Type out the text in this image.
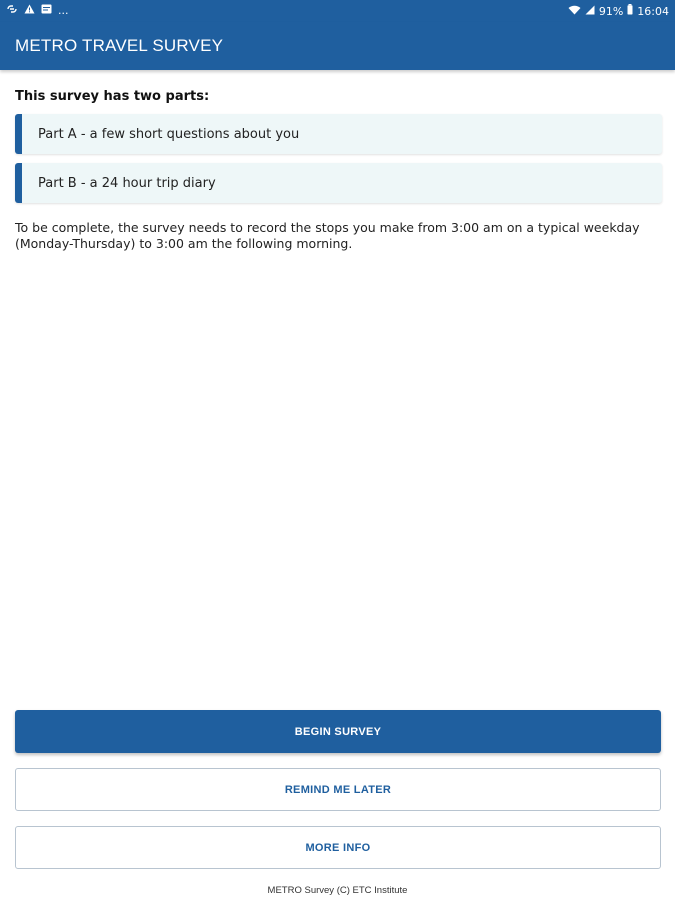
...	91% 16:04
METRO TRAVEL SURVEY
This survey has two parts:
Part A - a few short questions about you
Part B - a 24 hour trip diary

To be complete, the survey needs to record the stops you make from 3:00 am on a typical weekday (Monday-Thursday) to 3:00 am the following morning.

BEGIN SURVEY
REMIND ME LATER
MORE INFO
METRO Survey (C) ETC Institute
